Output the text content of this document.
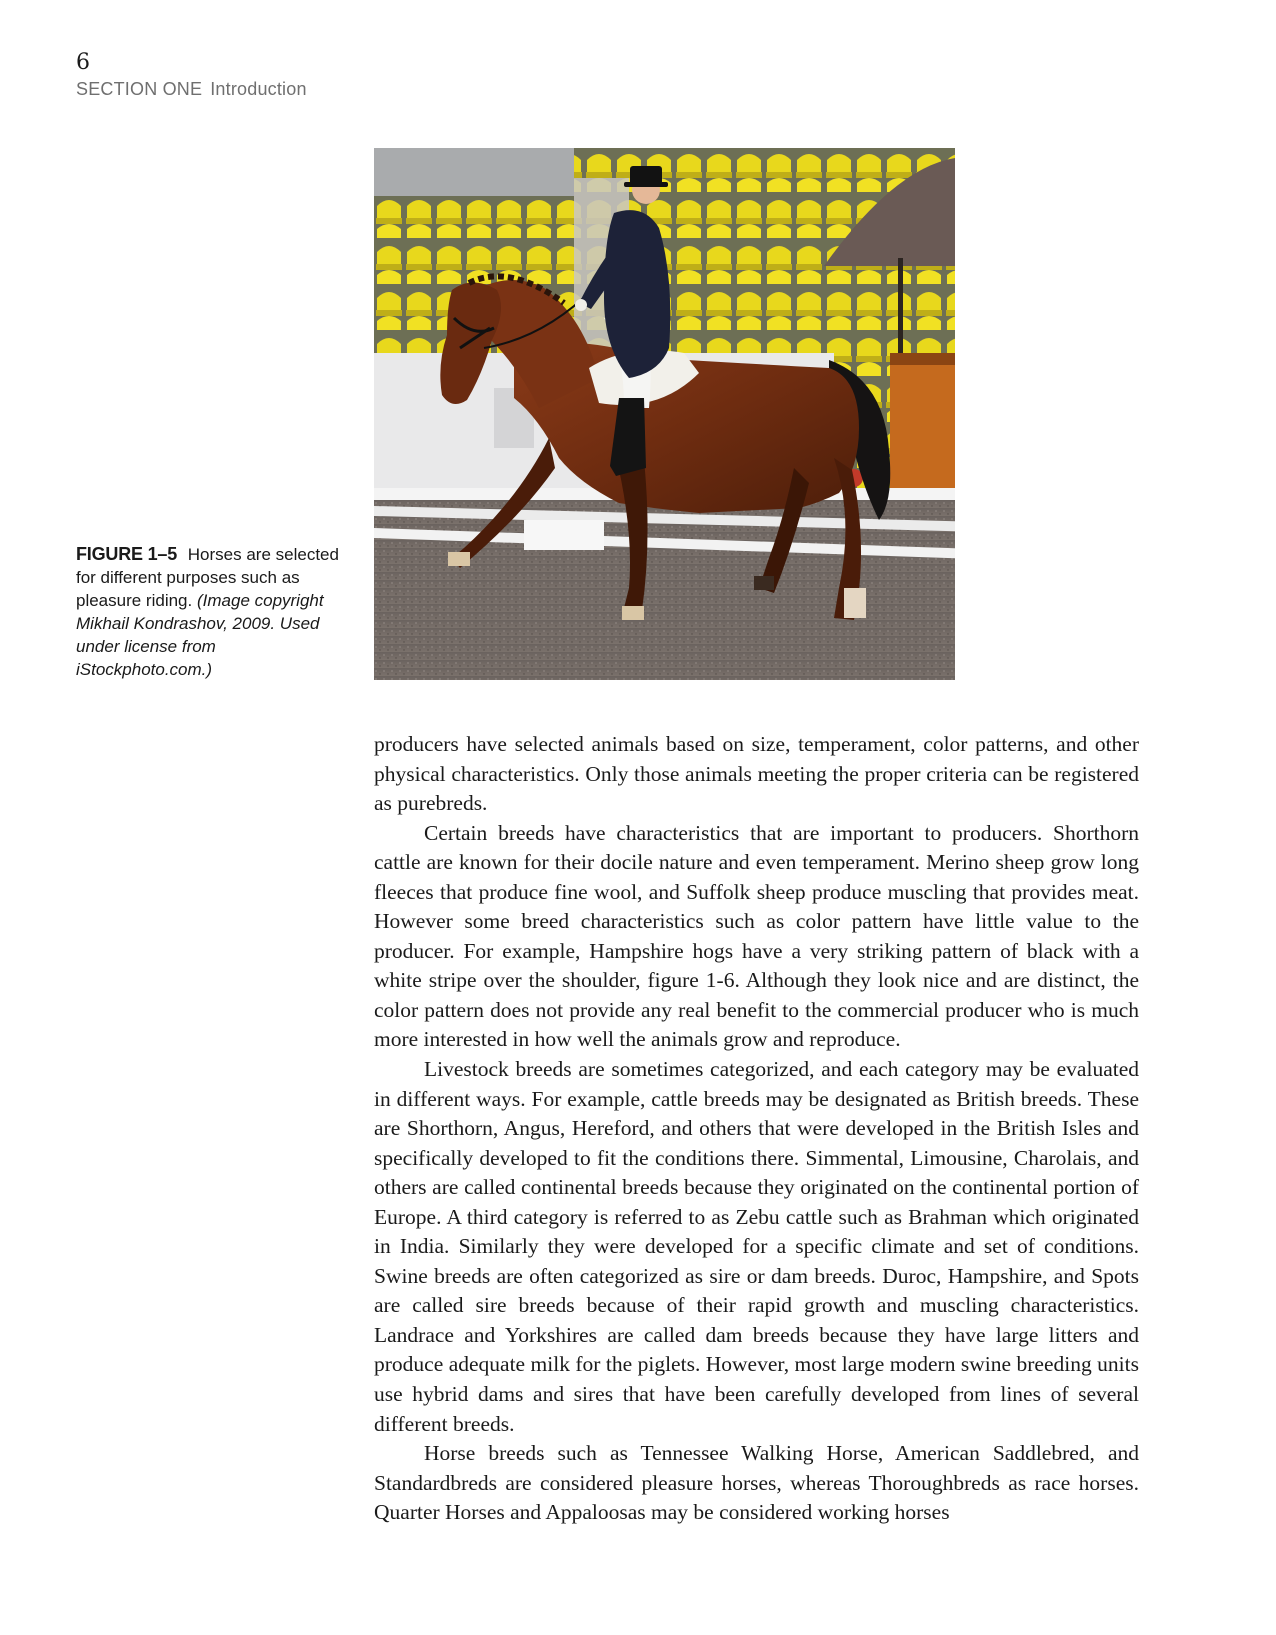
6
SECTION ONE Introduction
FIGURE 1–5 Horses are selected for different purposes such as pleasure riding. (Image copyright Mikhail Kondrashov, 2009. Used under license from iStockphoto.com.)

producers have selected animals based on size, temperament, color patterns, and other physical characteristics. Only those animals meeting the proper criteria can be registered as purebreds.

Certain breeds have characteristics that are important to producers. Shorthorn cattle are known for their docile nature and even temperament. Merino sheep grow long fleeces that produce fine wool, and Suffolk sheep produce muscling that provides meat. However some breed characteristics such as color pattern have little value to the producer. For example, Hampshire hogs have a very striking pattern of black with a white stripe over the shoulder, figure 1-6. Although they look nice and are distinct, the color pattern does not provide any real benefit to the commercial producer who is much more interested in how well the animals grow and reproduce.

Livestock breeds are sometimes categorized, and each category may be evaluated in different ways. For example, cattle breeds may be designated as British breeds. These are Shorthorn, Angus, Hereford, and others that were developed in the British Isles and specifically developed to fit the conditions there. Simmental, Limousine, Charolais, and others are called continental breeds because they originated on the continental portion of Europe. A third category is referred to as Zebu cattle such as Brahman which originated in India. Similarly they were developed for a specific climate and set of conditions. Swine breeds are often categorized as sire or dam breeds. Duroc, Hampshire, and Spots are called sire breeds because of their rapid growth and muscling characteristics. Landrace and Yorkshires are called dam breeds because they have large litters and produce adequate milk for the piglets. However, most large modern swine breeding units use hybrid dams and sires that have been carefully developed from lines of several different breeds.

Horse breeds such as Tennessee Walking Horse, American Saddlebred, and Standardbreds are considered pleasure horses, whereas Thoroughbreds as race horses. Quarter Horses and Appaloosas may be considered working horses
